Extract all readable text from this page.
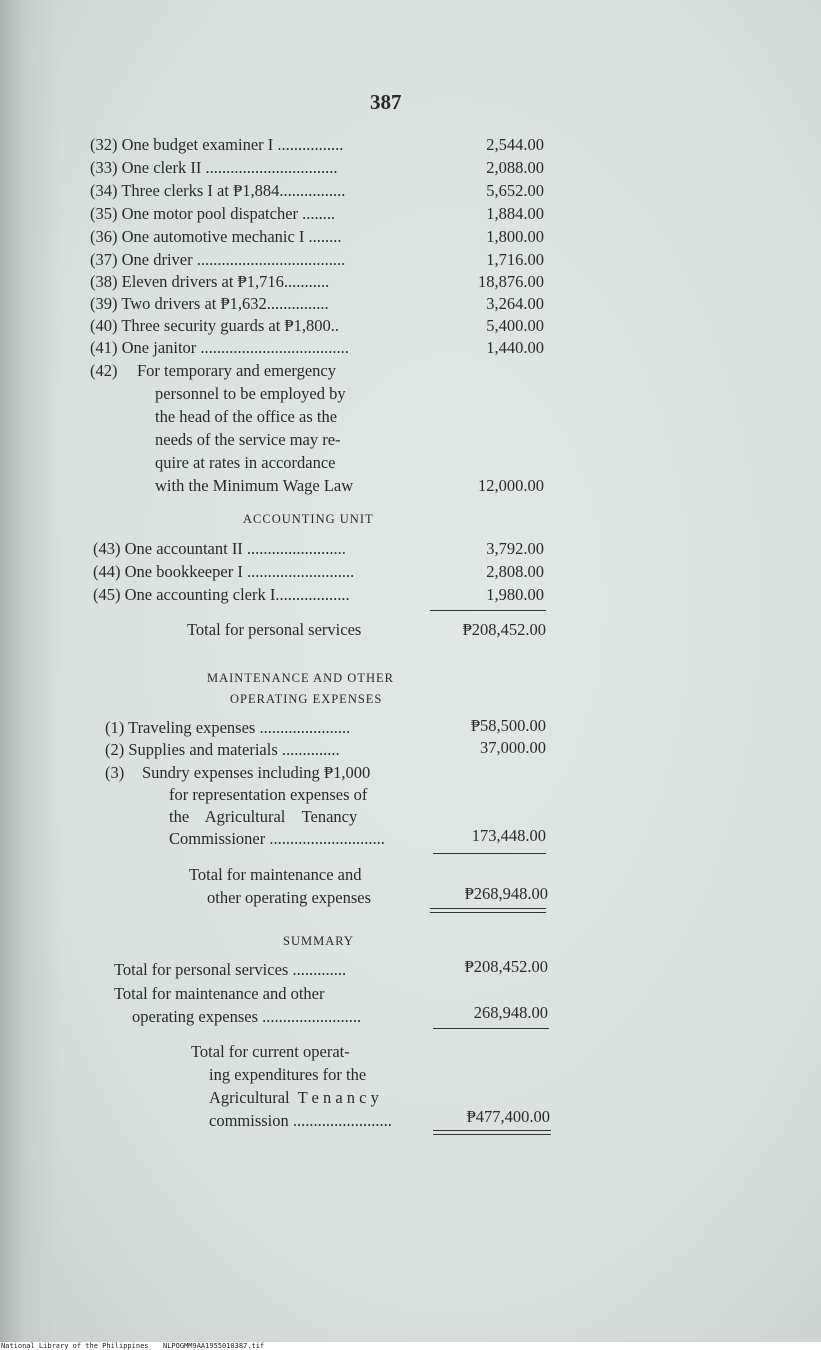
387
(32) One budget examiner I ................	2,544.00
(33) One clerk II ................................	2,088.00
(34) Three clerks I at ₱1,884................	5,652.00
(35) One motor pool dispatcher ........	1,884.00
(36) One automotive mechanic I ........	1,800.00
(37) One driver ....................................	1,716.00
(38) Eleven drivers at ₱1,716...........	18,876.00
(39) Two drivers at ₱1,632...............	3,264.00
(40) Three security guards at ₱1,800..	5,400.00
(41) One janitor ....................................	1,440.00
(42) For temporary and emergency
personnel to be employed by
the head of the office as the
needs of the service may re-
quire at rates in accordance
with the Minimum Wage Law	12,000.00
ACCOUNTING UNIT
(43) One accountant II ........................	3,792.00
(44) One bookkeeper I ..........................	2,808.00
(45) One accounting clerk I..................	1,980.00
Total for personal services	₱208,452.00
MAINTENANCE AND OTHER
OPERATING EXPENSES
(1) Traveling expenses ......................	₱58,500.00
(2) Supplies and materials ..............	37,000.00
(3) Sundry expenses including ₱1,000
for representation expenses of
the    Agricultural    Tenancy
Commissioner ............................	173,448.00
Total for maintenance and
other operating expenses	₱268,948.00
SUMMARY
Total for personal services .............	₱208,452.00
Total for maintenance and other
operating expenses ........................	268,948.00
Total for current operat-
ing expenditures for the
Agricultural  T e n a n c y
commission ........................	₱477,400.00
National Library of the Philippines NLPOGMM9AA1955010387.tif
